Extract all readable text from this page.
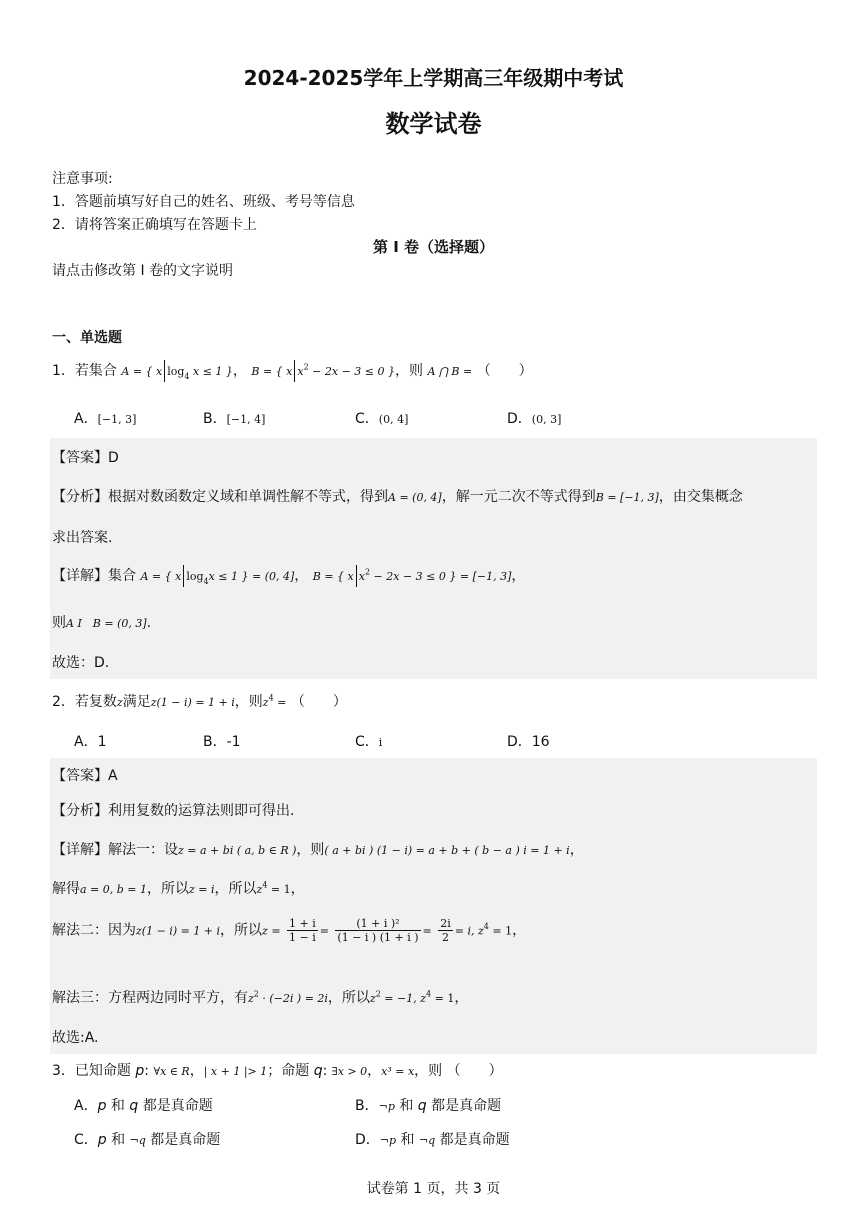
2024-2025学年上学期高三年级期中考试
数学试卷
注意事项:
1．答题前填写好自己的姓名、班级、考号等信息
2．请将答案正确填写在答题卡上
第 I 卷（选择题）
请点击修改第 I 卷的文字说明
一、单选题
1．若集合 A = { x $\log_4 x \le 1$ }， B = { x $x^2 - 2x - 3 \le 0$ }，则 A ⋂ B = （　　）
A．[−1, 3]	B．[−1, 4]	C．(0, 4]	D．(0, 3]
【答案】D
【分析】根据对数函数定义域和单调性解不等式，得到A = (0, 4]，解一元二次不等式得到B = [−1, 3]，由交集概念
求出答案.
【详解】集合 A = { x $\log_4x \le 1$ } = (0, 4]， B = { x $x^2 - 2x - 3 \le 0$ } = [−1, 3]，
则A I　B = (0, 3].
故选：D.
2．若复数z满足z(1 − i) = 1 + i，则$z^4$ = （　　）
A．1	B．-1	C．i	D．16
【答案】A
【分析】利用复数的运算法则即可得出.
【详解】解法一：设z = a + bi ( a, b ∈ R )，则( a + bi ) (1 − i) = a + b + ( b − a ) i = 1 + i，
解得a = 0, b = 1，所以z = i，所以$z^4 = 1$，
解法二：因为z(1 − i) = 1 + i，所以$z = \frac{1 + i}{1 - i} = \frac{\text{(1 + i )²}}{(1 - i ) (1 + i )} = \frac{2i}{2} = i$, $z^4 = 1$，
解法三：方程两边同时平方，有$z^2 \cdot (-2i$ ) = 2i，所以$z^2 = -1$, $z^4 = 1$，
故选:A.
3．已知命题 p: ∀x ∈ R，| x + 1 |> 1；命题 q: ∃x > 0，x³ = x，则 （　　）
A．p 和 q 都是真命题	B．¬p 和 q 都是真命题
C．p 和 ¬q 都是真命题	D．¬p 和 ¬q 都是真命题
试卷第 1 页，共 3 页
